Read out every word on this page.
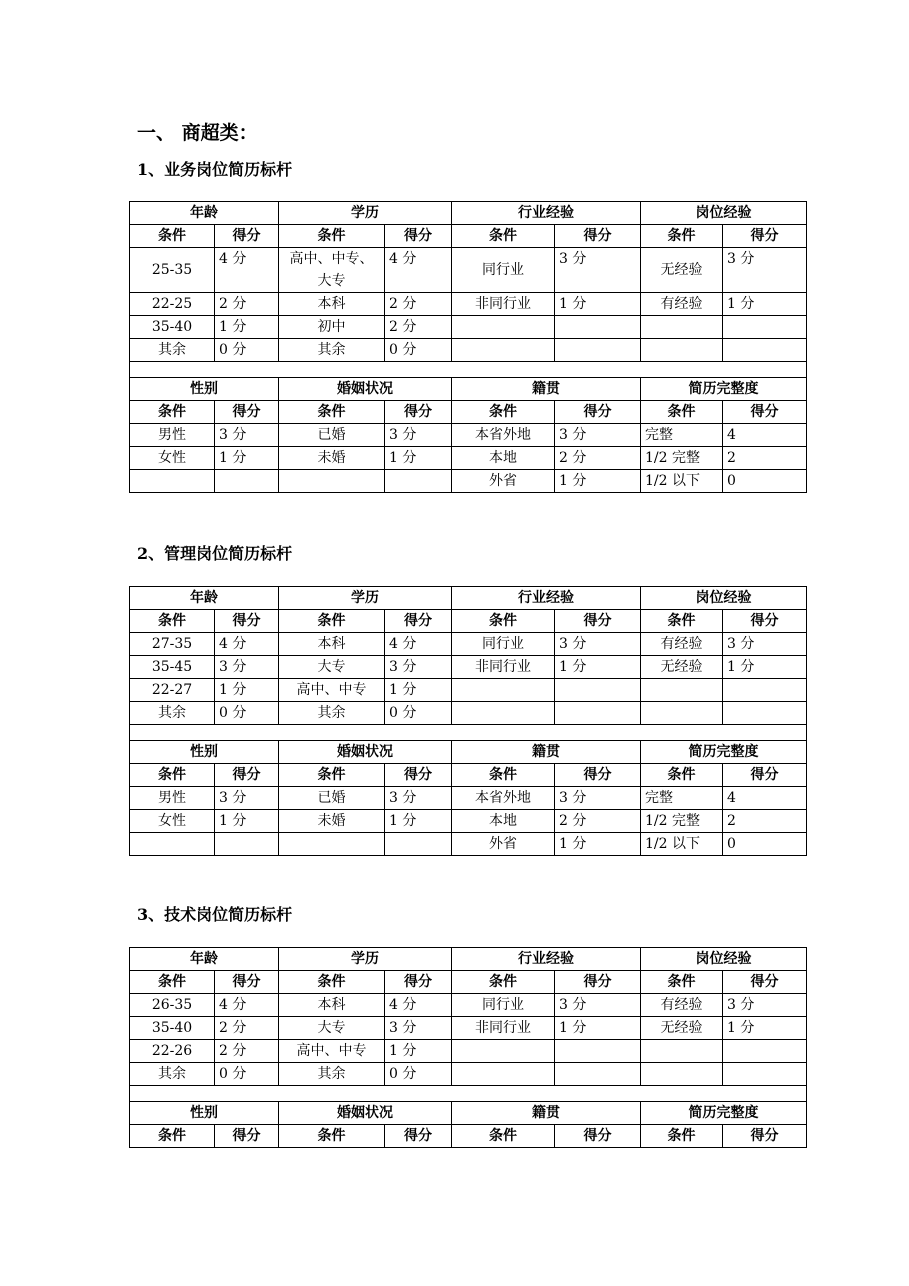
一、 商超类：
1、业务岗位简历标杆
年龄		学历		行业经验		岗位经验	
条件	得分	条件	得分	条件	得分	条件	得分
25-35	4 分	高中、中专、大专	4 分	同行业	3 分	无经验	3 分
22-25	2 分	本科	2 分	非同行业	1 分	有经验	1 分
35-40	1 分	初中	2 分				
其余	0 分	其余	0 分				

性别		婚姻状况		籍贯		简历完整度	
条件	得分	条件	得分	条件	得分	条件	得分
男性	3 分	已婚	3 分	本省外地	3 分	完整	4
女性	1 分	未婚	1 分	本地	2 分	1/2 完整	2
				外省	1 分	1/2 以下	0
2、管理岗位简历标杆
年龄		学历		行业经验		岗位经验	
条件	得分	条件	得分	条件	得分	条件	得分
27-35	4 分	本科	4 分	同行业	3 分	有经验	3 分
35-45	3 分	大专	3 分	非同行业	1 分	无经验	1 分
22-27	1 分	高中、中专	1 分				
其余	0 分	其余	0 分				

性别		婚姻状况		籍贯		简历完整度	
条件	得分	条件	得分	条件	得分	条件	得分
男性	3 分	已婚	3 分	本省外地	3 分	完整	4
女性	1 分	未婚	1 分	本地	2 分	1/2 完整	2
				外省	1 分	1/2 以下	0
3、技术岗位简历标杆
年龄		学历		行业经验		岗位经验	
条件	得分	条件	得分	条件	得分	条件	得分
26-35	4 分	本科	4 分	同行业	3 分	有经验	3 分
35-40	2 分	大专	3 分	非同行业	1 分	无经验	1 分
22-26	2 分	高中、中专	1 分				
其余	0 分	其余	0 分				

性别		婚姻状况		籍贯		简历完整度	
条件	得分	条件	得分	条件	得分	条件	得分
